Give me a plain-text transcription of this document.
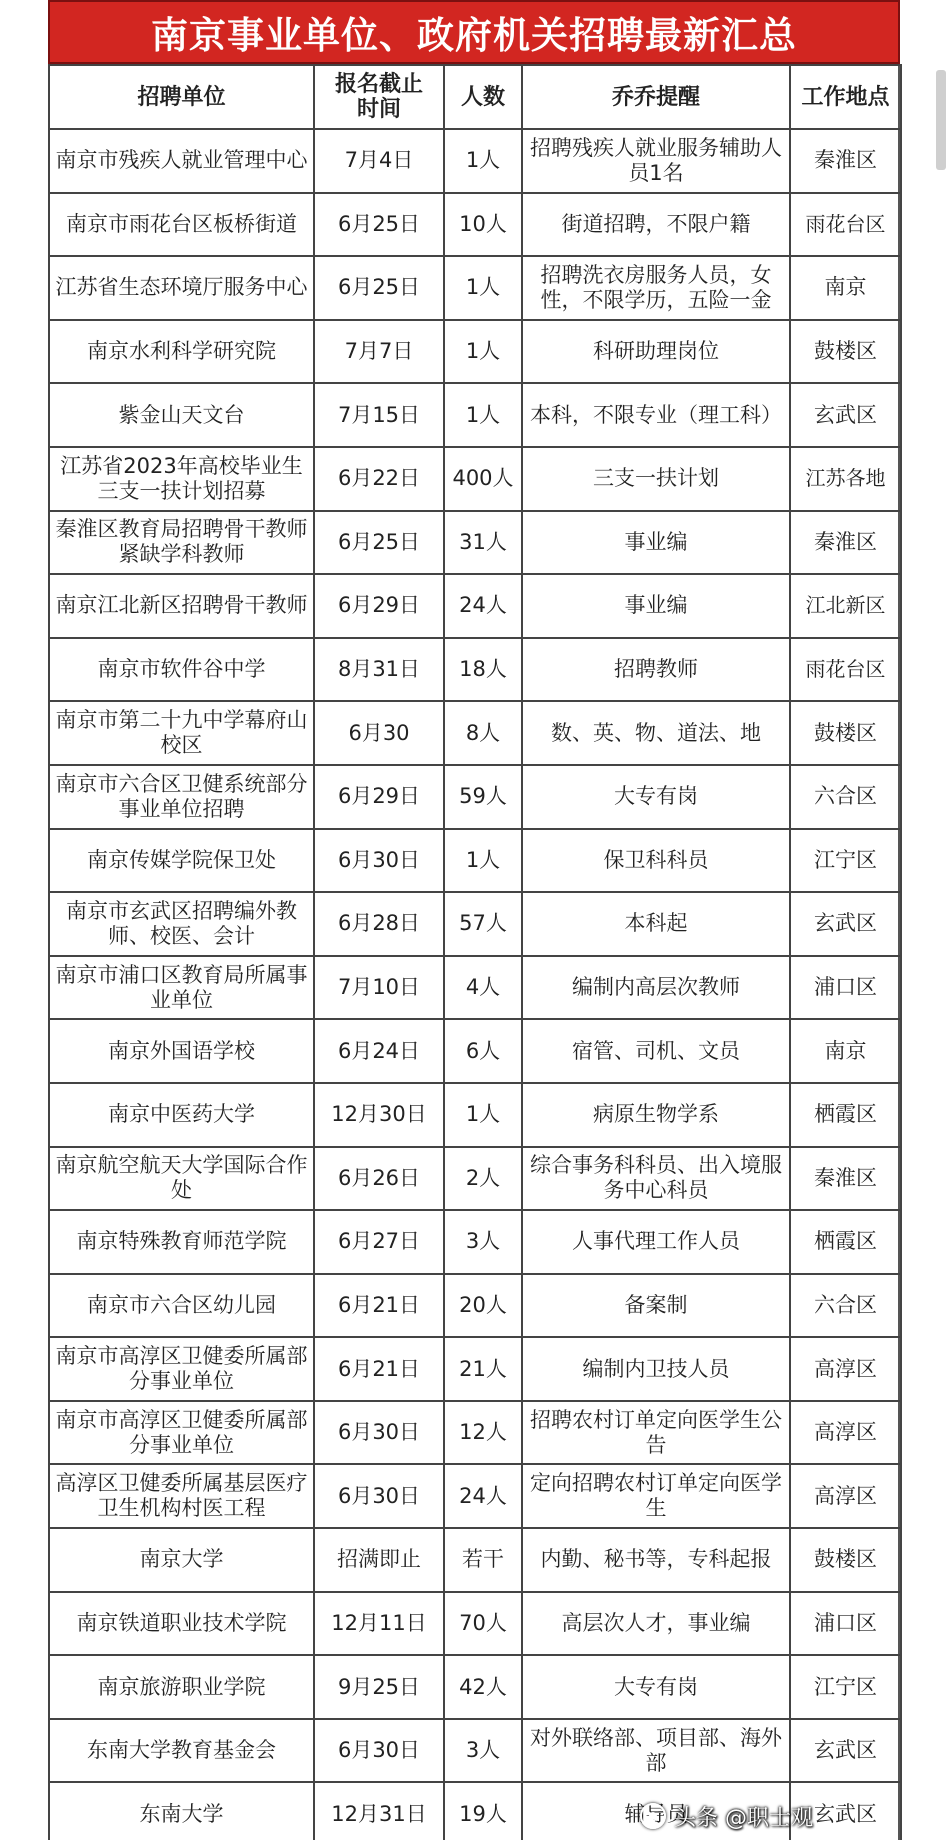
南京事业单位、政府机关招聘最新汇总
招聘单位	报名截止时间	人数	乔乔提醒	工作地点
南京市残疾人就业管理中心	7月4日	1人	招聘残疾人就业服务辅助人员1名	秦淮区
南京市雨花台区板桥街道	6月25日	10人	街道招聘，不限户籍	雨花台区
江苏省生态环境厅服务中心	6月25日	1人	招聘洗衣房服务人员，女性，不限学历，五险一金	南京
南京水利科学研究院	7月7日	1人	科研助理岗位	鼓楼区
紫金山天文台	7月15日	1人	本科，不限专业（理工科）	玄武区
江苏省2023年高校毕业生三支一扶计划招募	6月22日	400人	三支一扶计划	江苏各地
秦淮区教育局招聘骨干教师紧缺学科教师	6月25日	31人	事业编	秦淮区
南京江北新区招聘骨干教师	6月29日	24人	事业编	江北新区
南京市软件谷中学	8月31日	18人	招聘教师	雨花台区
南京市第二十九中学幕府山校区	6月30	8人	数、英、物、道法、地	鼓楼区
南京市六合区卫健系统部分事业单位招聘	6月29日	59人	大专有岗	六合区
南京传媒学院保卫处	6月30日	1人	保卫科科员	江宁区
南京市玄武区招聘编外教师、校医、会计	6月28日	57人	本科起	玄武区
南京市浦口区教育局所属事业单位	7月10日	4人	编制内高层次教师	浦口区
南京外国语学校	6月24日	6人	宿管、司机、文员	南京
南京中医药大学	12月30日	1人	病原生物学系	栖霞区
南京航空航天大学国际合作处	6月26日	2人	综合事务科科员、出入境服务中心科员	秦淮区
南京特殊教育师范学院	6月27日	3人	人事代理工作人员	栖霞区
南京市六合区幼儿园	6月21日	20人	备案制	六合区
南京市高淳区卫健委所属部分事业单位	6月21日	21人	编制内卫技人员	高淳区
南京市高淳区卫健委所属部分事业单位	6月30日	12人	招聘农村订单定向医学生公告	高淳区
高淳区卫健委所属基层医疗卫生机构村医工程	6月30日	24人	定向招聘农村订单定向医学生	高淳区
南京大学	招满即止	若干	内勤、秘书等，专科起报	鼓楼区
南京铁道职业技术学院	12月11日	70人	高层次人才，事业编	浦口区
南京旅游职业学院	9月25日	42人	大专有岗	江宁区
东南大学教育基金会	6月30日	3人	对外联络部、项目部、海外部	玄武区
东南大学	12月31日	19人	辅导员	玄武区
头条 @职士观
